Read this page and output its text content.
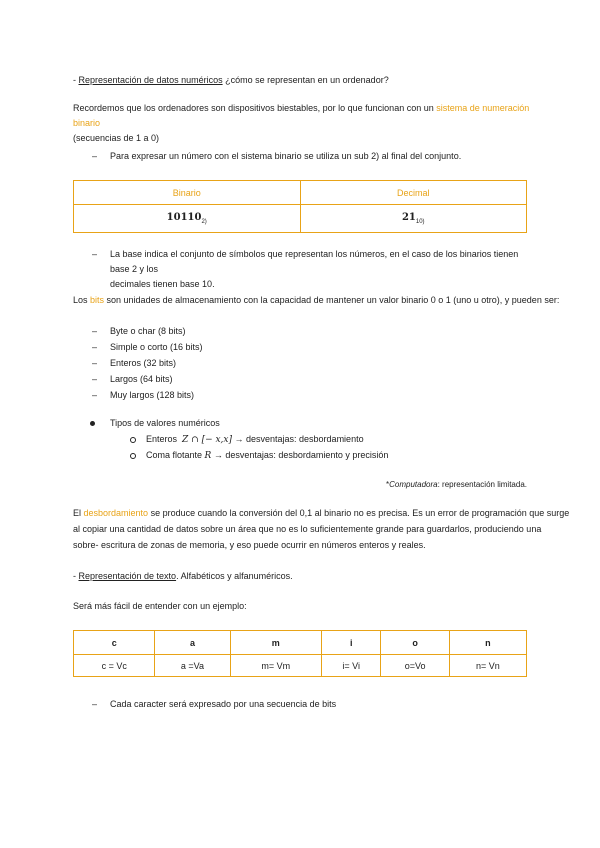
- Representación de datos numéricos ¿cómo se representan en un ordenador?
Recordemos que los ordenadores son dispositivos biestables, por lo que funcionan con un sistema de numeración binario
(secuencias de 1 a 0)
– Para expresar un número con el sistema binario se utiliza un sub 2) al final del conjunto.
Binario	Decimal
$10110_{2)}$	$21_{10)}$
– La base indica el conjunto de símbolos que representan los números, en el caso de los binarios tienen base 2 y los
decimales tienen base 10.
Los bits son unidades de almacenamiento con la capacidad de mantener un valor binario 0 o 1 (uno u otro), y pueden ser:
– Byte o char (8 bits)
– Simple o corto (16 bits)
– Enteros (32 bits)
– Largos (64 bits)
– Muy largos (128 bits)
Tipos de valores numéricos
Enteros Z ∩ [− x,x] → desventajas: desbordamiento
Coma flotante R → desventajas: desbordamiento y precisión
*Computadora: representación limitada.
El desbordamiento se produce cuando la conversión del 0,1 al binario no es precisa. Es un error de programación que surge
al copiar una cantidad de datos sobre un área que no es lo suficientemente grande para guardarlos, produciendo una
sobre- escritura de zonas de memoria, y eso puede ocurrir en números enteros y reales.
- Representación de texto. Alfabéticos y alfanuméricos.
Será más fácil de entender con un ejemplo:
c	a	m	i	o	n
c = Vc	a =Va	m= Vm	i= Vi	o=Vo	n= Vn
– Cada caracter será expresado por una secuencia de bits
